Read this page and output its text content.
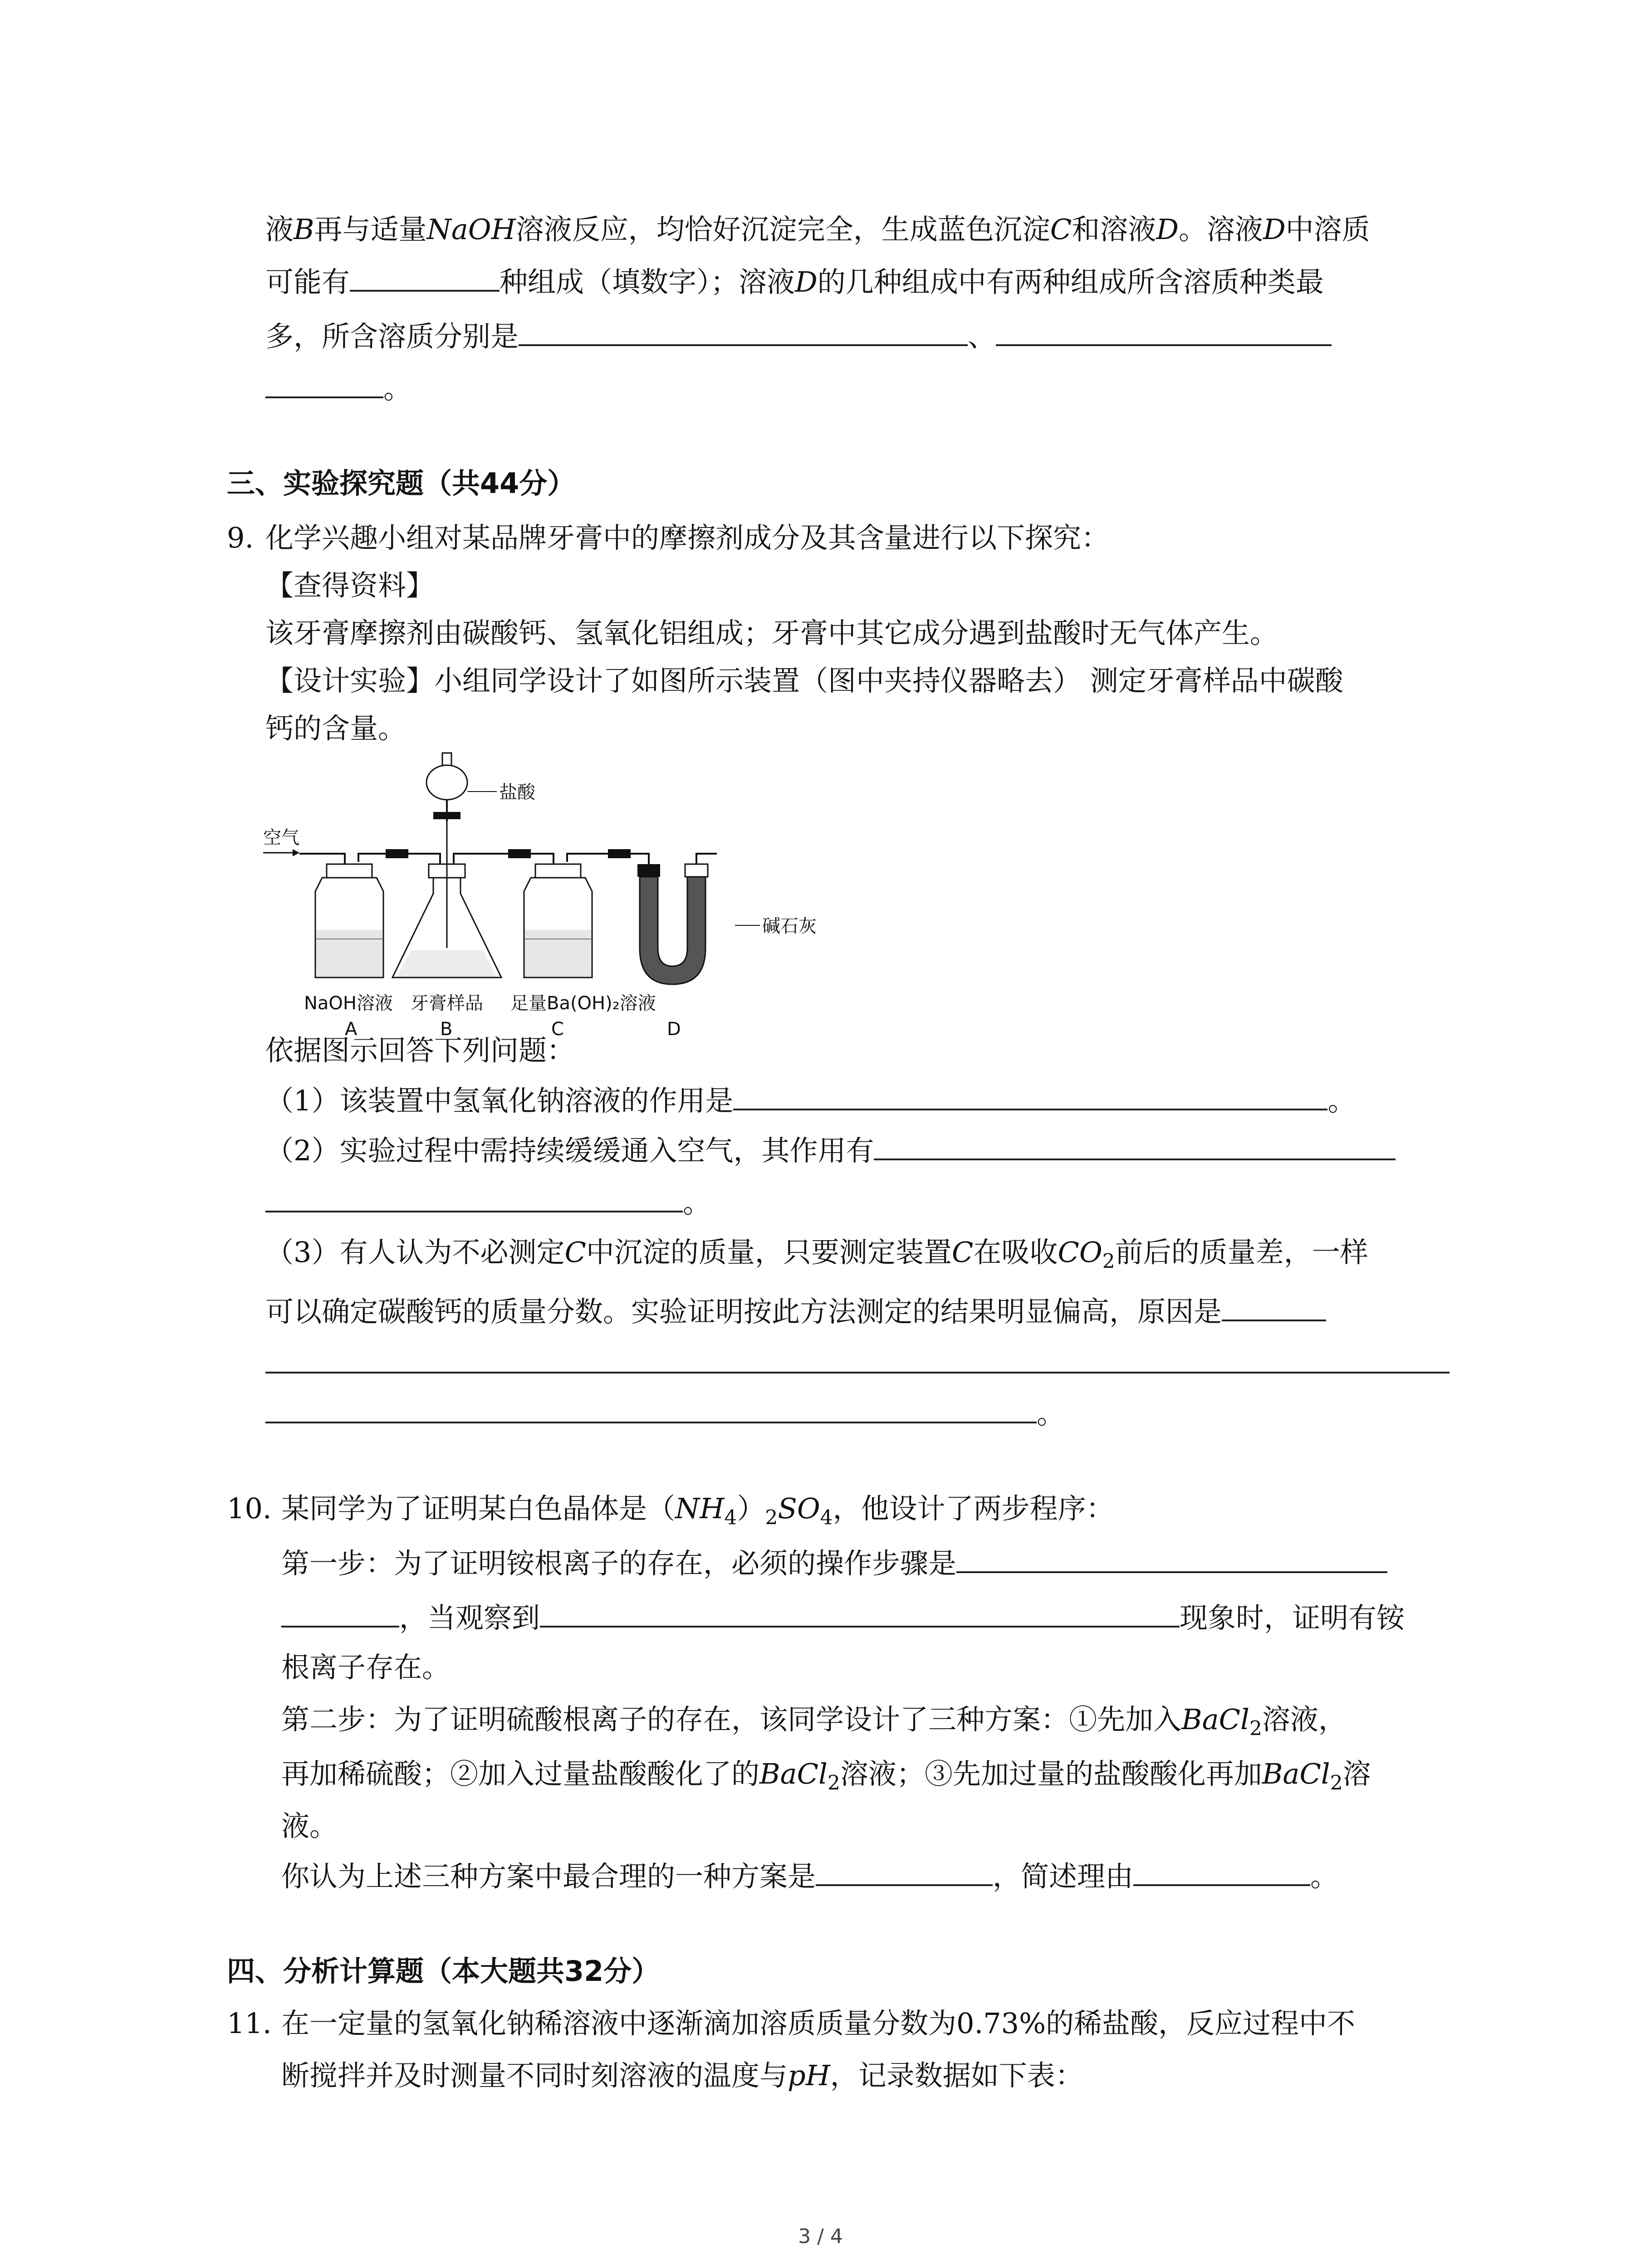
液B再与适量NaOH溶液反应，均恰好沉淀完全，生成蓝色沉淀C和溶液D。溶液D中溶质
可能有	种组成（填数字）；溶液D的几种组成中有两种组成所含溶质种类最
多，所含溶质分别是	、
。
三、实验探究题（共44分）
9. 化学兴趣小组对某品牌牙膏中的摩擦剂成分及其含量进行以下探究：
【查得资料】
该牙膏摩擦剂由碳酸钙、氢氧化铝组成；牙膏中其它成分遇到盐酸时无气体产生。
【设计实验】小组同学设计了如图所示装置（图中夹持仪器略去） 测定牙膏样品中碳酸
钙的含量。
空气
盐酸
碱石灰
NaOH溶液 牙膏样品 足量Ba(OH)₂溶液
A	B	C	D
依据图示回答下列问题：
（1）该装置中氢氧化钠溶液的作用是	。
（2）实验过程中需持续缓缓通入空气，其作用有
。
（3）有人认为不必测定C中沉淀的质量，只要测定装置C在吸收$CO_2$前后的质量差，一样
可以确定碳酸钙的质量分数。实验证明按此方法测定的结果明显偏高，原因是
。
10. 某同学为了证明某白色晶体是$(NH_4)_2SO_4$，他设计了两步程序：
第一步：为了证明铵根离子的存在，必须的操作步骤是
，当观察到	现象时，证明有铵
根离子存在。
第二步：为了证明硫酸根离子的存在，该同学设计了三种方案：①先加入BaCl$_2$溶液，
再加稀硫酸；②加入过量盐酸酸化了的BaCl$_2$溶液；③先加过量的盐酸酸化再加BaCl$_2$溶
液。
你认为上述三种方案中最合理的一种方案是	，简述理由	。
四、分析计算题（本大题共32分）
11. 在一定量的氢氧化钠稀溶液中逐渐滴加溶质质量分数为0.73%的稀盐酸，反应过程中不
断搅拌并及时测量不同时刻溶液的温度与pH，记录数据如下表：
3 / 4
